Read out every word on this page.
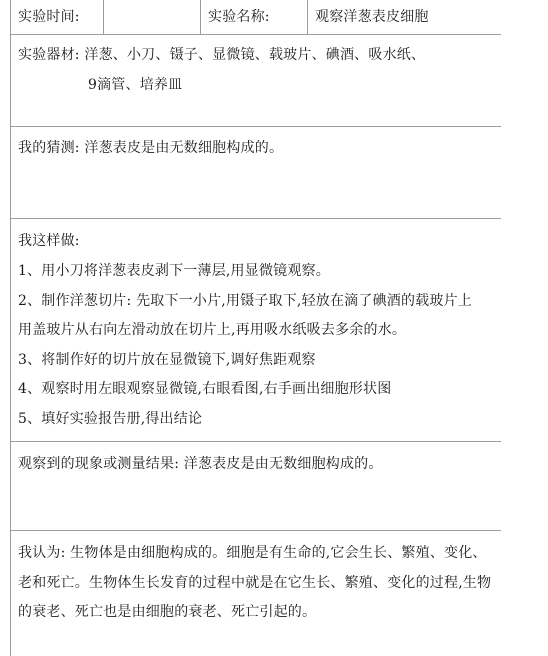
实验时间:	实验名称:	观察洋葱表皮细胞
实验器材: 洋葱、小刀、镊子、显微镜、载玻片、碘酒、吸水纸、
9滴管、培养皿
我的猜测: 洋葱表皮是由无数细胞构成的。
我这样做:
1、用小刀将洋葱表皮剥下一薄层,用显微镜观察。
2、制作洋葱切片: 先取下一小片,用镊子取下,轻放在滴了碘酒的载玻片上
用盖玻片从右向左滑动放在切片上,再用吸水纸吸去多余的水。
3、将制作好的切片放在显微镜下,调好焦距观察
4、观察时用左眼观察显微镜,右眼看图,右手画出细胞形状图
5、填好实验报告册,得出结论
观察到的现象或测量结果: 洋葱表皮是由无数细胞构成的。
我认为: 生物体是由细胞构成的。细胞是有生命的,它会生长、繁殖、变化、
老和死亡。生物体生长发育的过程中就是在它生长、繁殖、变化的过程,生物
的衰老、死亡也是由细胞的衰老、死亡引起的。
